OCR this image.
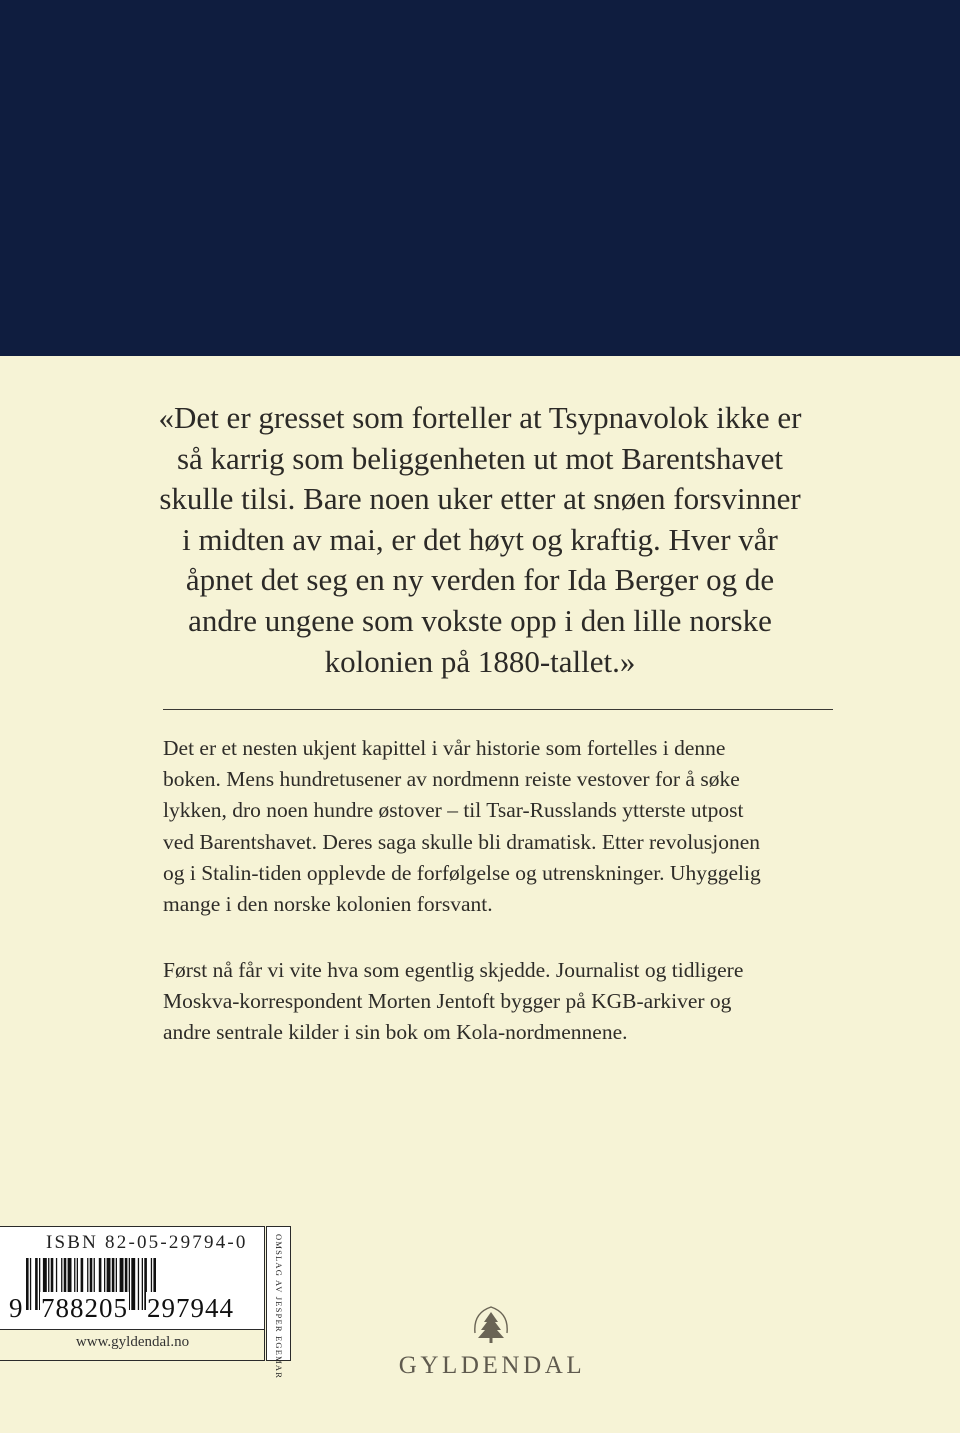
«Det er gresset som forteller at Tsypnavolok ikke er
så karrig som beliggenheten ut mot Barentshavet
skulle tilsi. Bare noen uker etter at snøen forsvinner
i midten av mai, er det høyt og kraftig. Hver vår
åpnet det seg en ny verden for Ida Berger og de
andre ungene som vokste opp i den lille norske
kolonien på 1880-tallet.»

Det er et nesten ukjent kapittel i vår historie som fortelles i denne
boken. Mens hundretusener av nordmenn reiste vestover for å søke
lykken, dro noen hundre østover – til Tsar-Russlands ytterste utpost
ved Barentshavet. Deres saga skulle bli dramatisk. Etter revolusjonen
og i Stalin-tiden opplevde de forfølgelse og utrenskninger. Uhyggelig
mange i den norske kolonien forsvant.

Først nå får vi vite hva som egentlig skjedde. Journalist og tidligere
Moskva-korrespondent Morten Jentoft bygger på KGB-arkiver og
andre sentrale kilder i sin bok om Kola-nordmennene.

ISBN 82-05-29794-0
9 788205 297944
www.gyldendal.no	OMSLAG AV JESPER EGEMAR	GYLDENDAL
